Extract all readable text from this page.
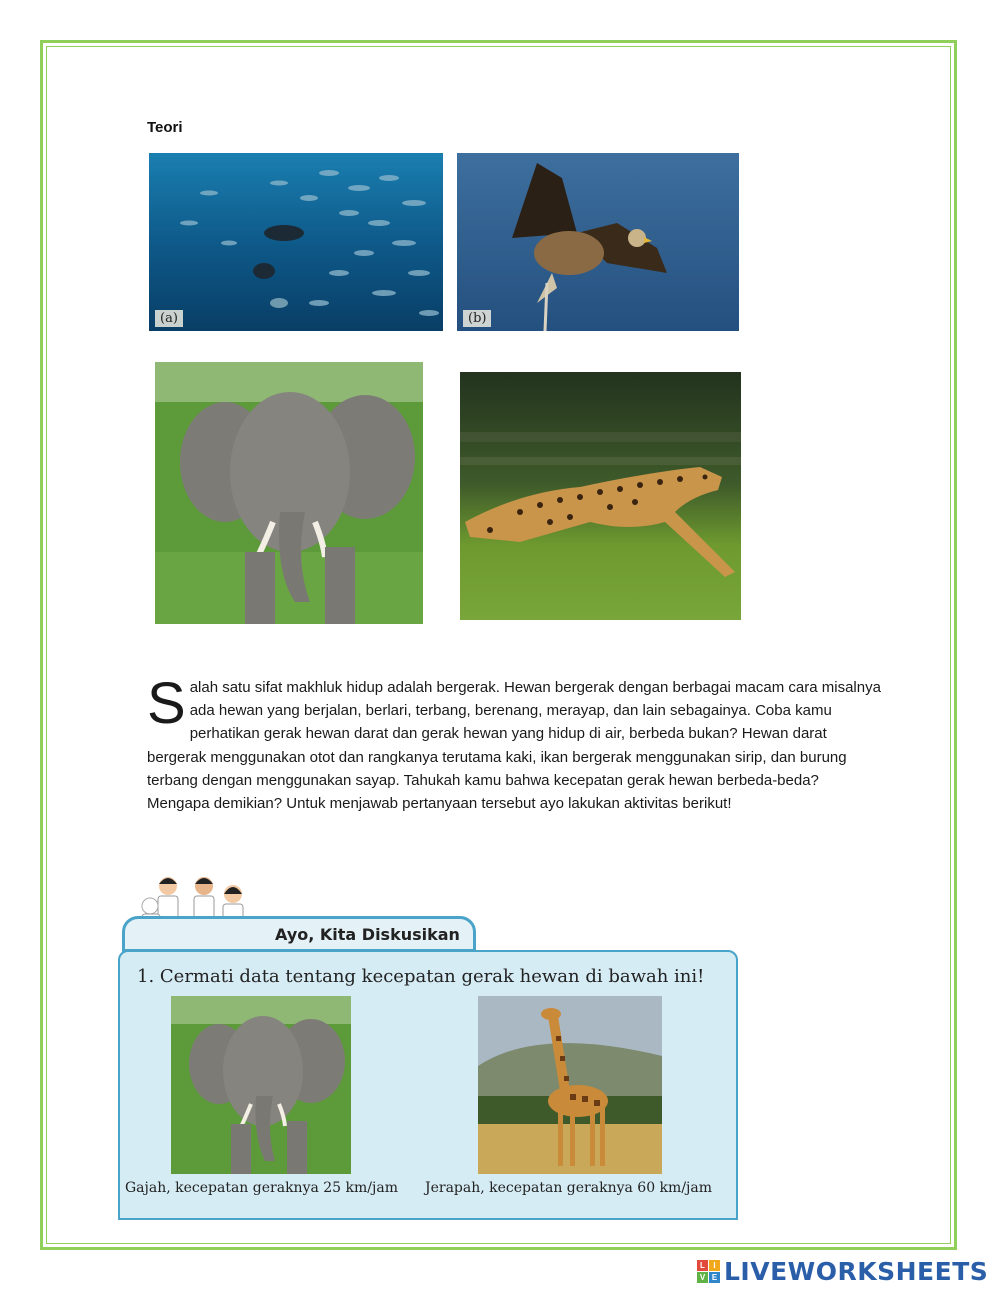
Teori
(a)	(b)
Salah satu sifat makhluk hidup adalah bergerak. Hewan bergerak dengan berbagai macam cara misalnya ada hewan yang berjalan, berlari, terbang, berenang, merayap, dan lain sebagainya. Coba kamu perhatikan gerak hewan darat dan gerak hewan yang hidup di air, berbeda bukan? Hewan darat bergerak menggunakan otot dan rangkanya terutama kaki, ikan bergerak menggunakan sirip, dan burung terbang dengan menggunakan sayap. Tahukah kamu bahwa kecepatan gerak hewan berbeda-beda? Mengapa demikian? Untuk menjawab pertanyaan tersebut ayo lakukan aktivitas berikut!
Ayo, Kita Diskusikan
1. Cermati data tentang kecepatan gerak hewan di bawah ini!
Gajah, kecepatan geraknya 25 km/jam Jerapah, kecepatan geraknya 60 km/jam
L	I
V E LIVEWORKSHEETS
